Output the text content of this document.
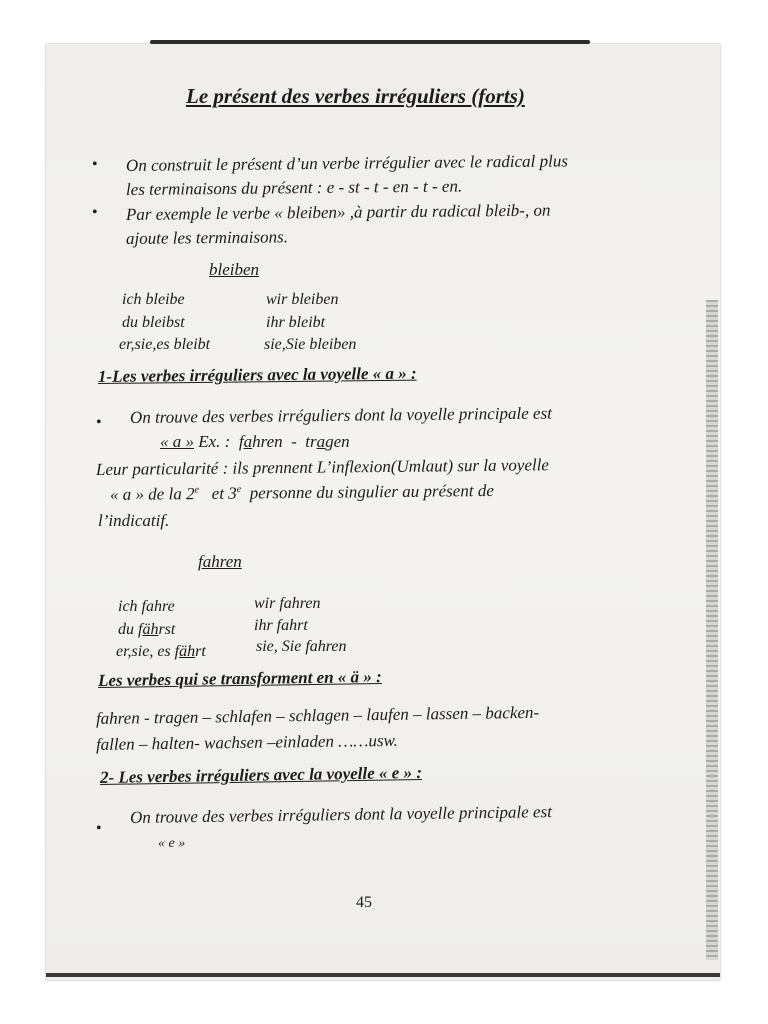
Le présent des verbes irréguliers (forts)
• On construit le présent d’un verbe irrégulier avec le radical plus
les terminaisons du présent : e - st - t - en - t - en.
• Par exemple le verbe « bleiben» ,à partir du radical bleib-, on
ajoute les terminaisons.
bleiben
ich bleibe
du bleibst
er,sie,es bleibt
wir bleiben
ihr bleibt
sie,Sie bleiben
1-Les verbes irréguliers avec la voyelle « a » :
• On trouve des verbes irréguliers dont la voyelle principale est
« a » Ex. : fahren - tragen
Leur particularité : ils prennent L’inflexion(Umlaut) sur la voyelle
« a » de la 2e et 3e personne du singulier au présent de
l’indicatif.
fahren
ich fahre
du fährst
er,sie, es fährt
wir fahren
ihr fahrt
sie, Sie fahren
Les verbes qui se transforment en « ä » :
fahren - tragen – schlafen – schlagen – laufen – lassen – backen-
fallen – halten- wachsen –einladen ……usw.
2- Les verbes irréguliers avec la voyelle « e » :
•
On trouve des verbes irréguliers dont la voyelle principale est
« e »
45
